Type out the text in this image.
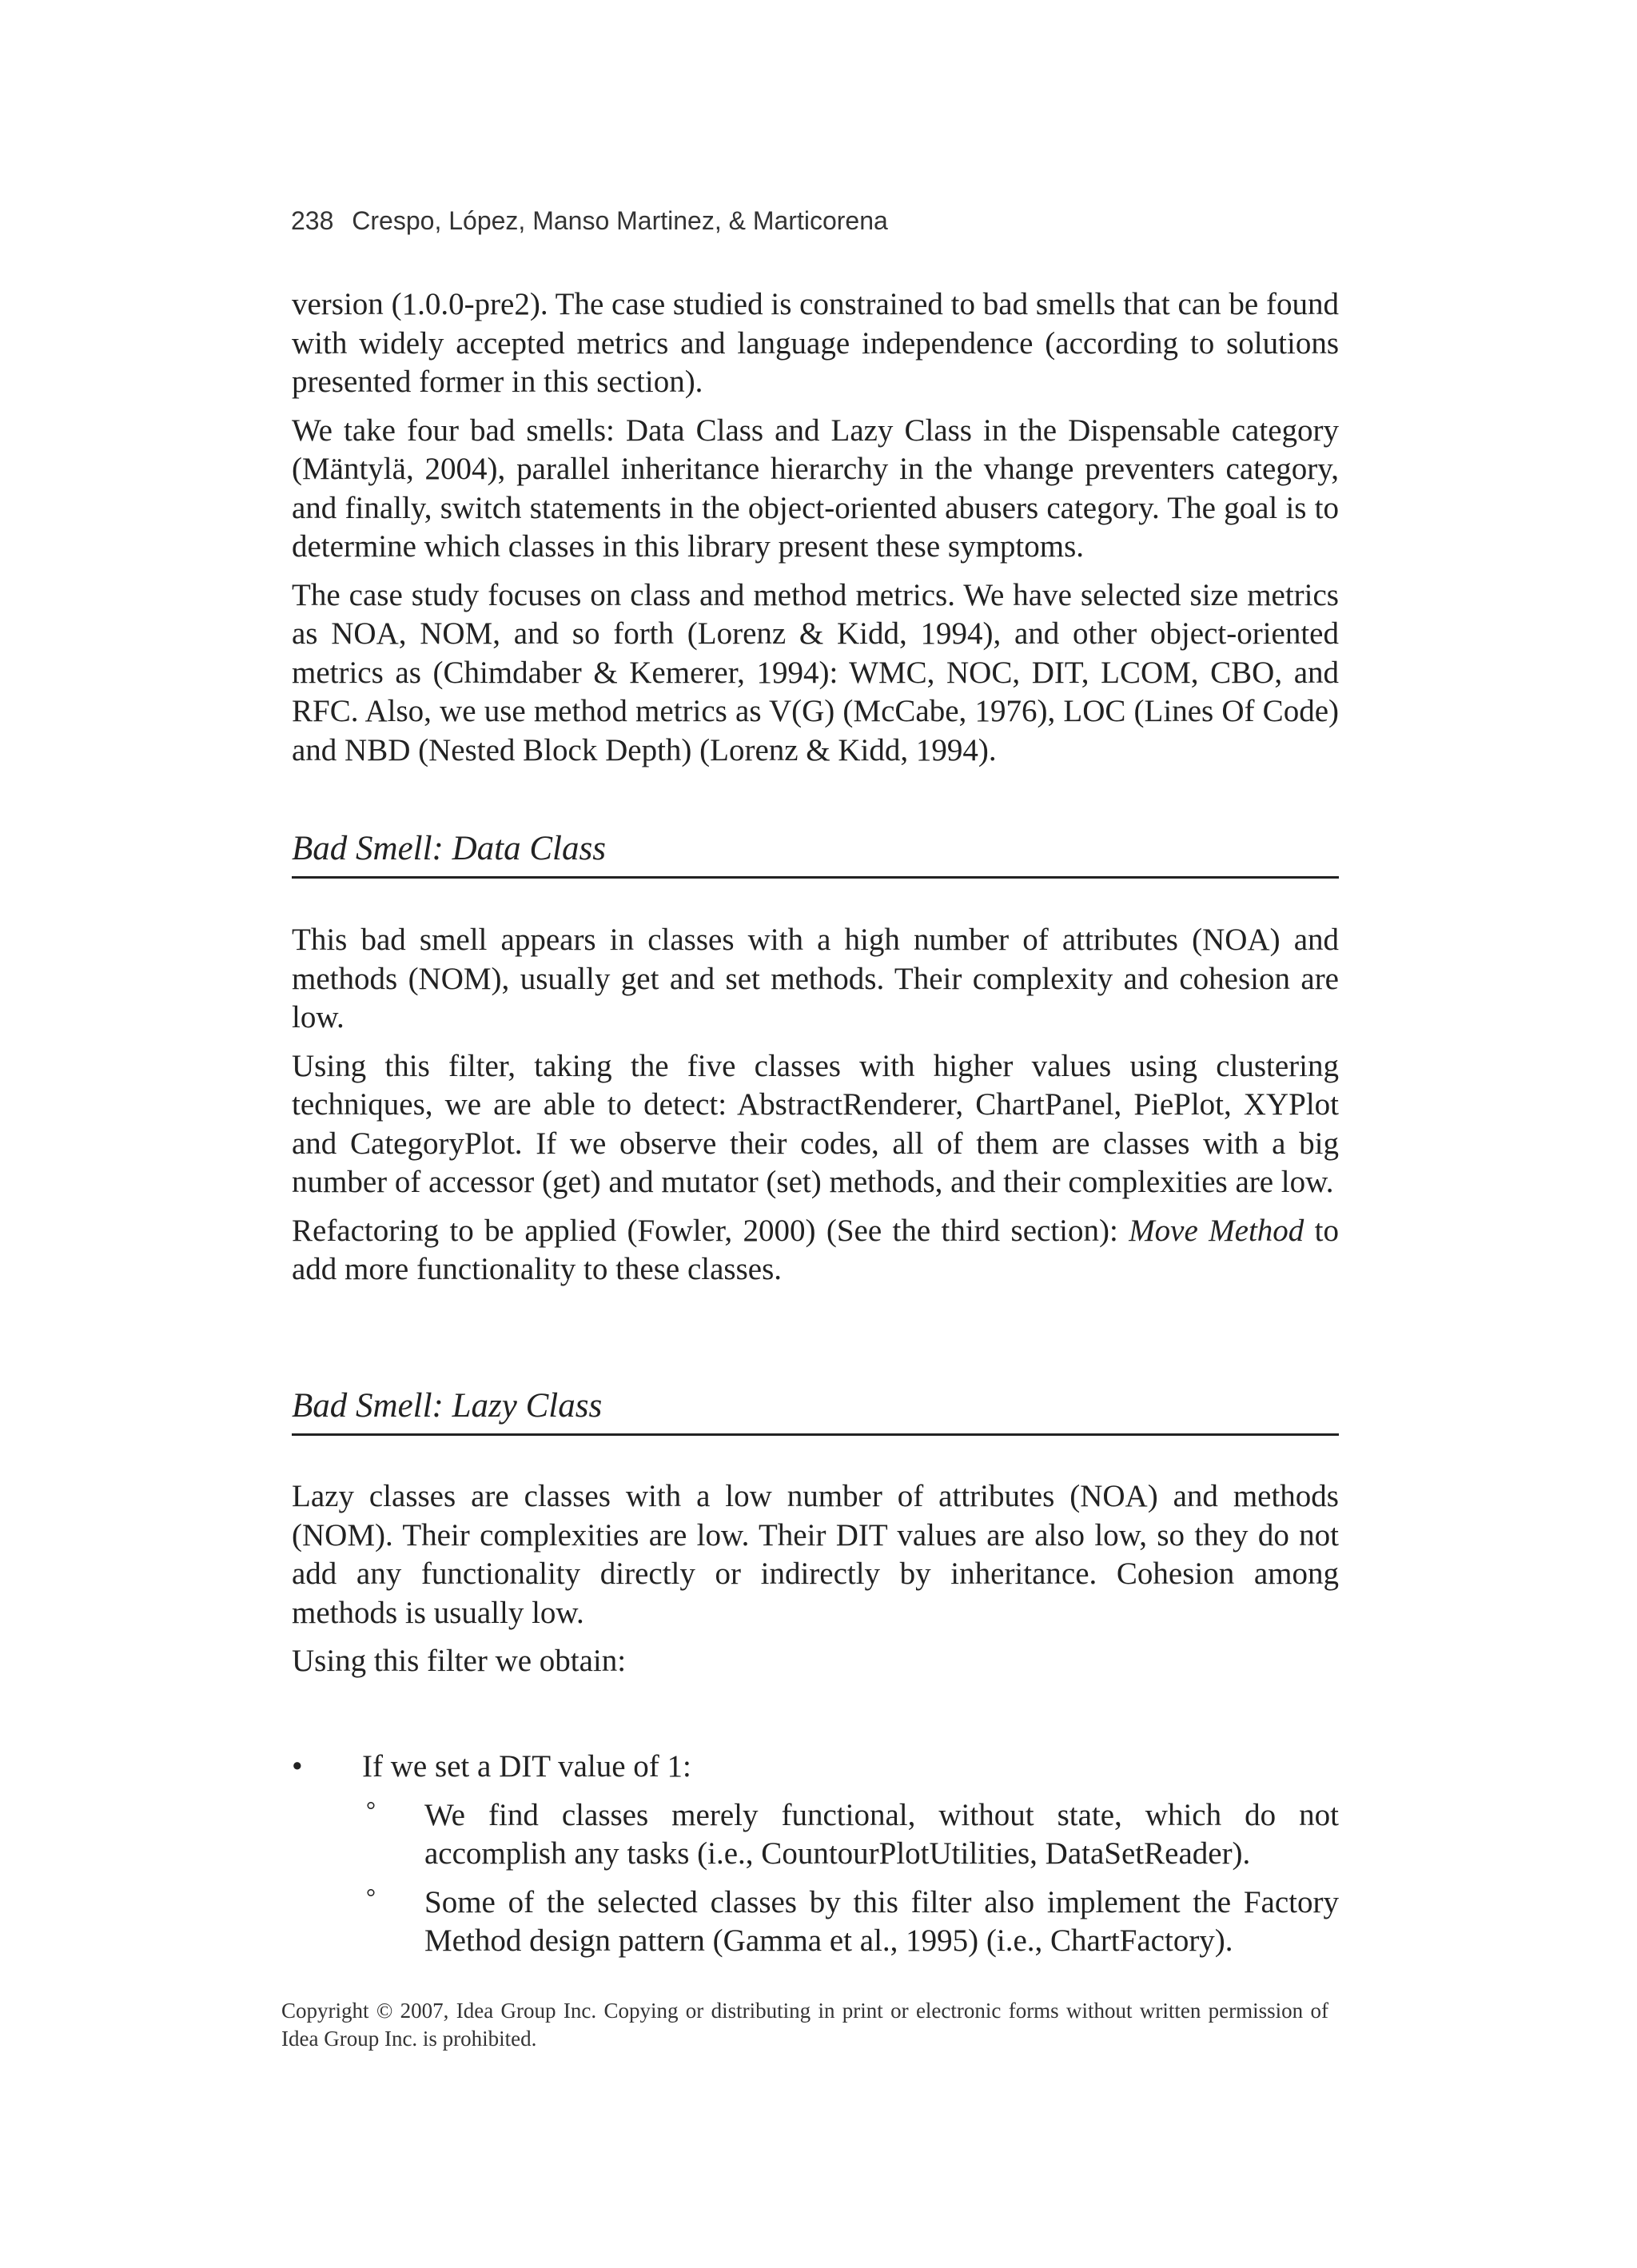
238 Crespo, López, Manso Martinez, & Marticorena

version (1.0.0-pre2). The case studied is constrained to bad smells that can be found with widely accepted metrics and language independence (according to solutions presented former in this section).

We take four bad smells: Data Class and Lazy Class in the Dispensable category (Mäntylä, 2004), parallel inheritance hierarchy in the vhange preventers category, and finally, switch statements in the object-oriented abusers category. The goal is to determine which classes in this library present these symptoms.

The case study focuses on class and method metrics. We have selected size metrics as NOA, NOM, and so forth (Lorenz & Kidd, 1994), and other object-oriented metrics as (Chimdaber & Kemerer, 1994): WMC, NOC, DIT, LCOM, CBO, and RFC. Also, we use method metrics as V(G) (McCabe, 1976), LOC (Lines Of Code) and NBD (Nested Block Depth) (Lorenz & Kidd, 1994).

Bad Smell: Data Class

This bad smell appears in classes with a high number of attributes (NOA) and methods (NOM), usually get and set methods. Their complexity and cohesion are low.

Using this filter, taking the five classes with higher values using clustering techniques, we are able to detect: AbstractRenderer, ChartPanel, PiePlot, XYPlot and CategoryPlot. If we observe their codes, all of them are classes with a big number of accessor (get) and mutator (set) methods, and their complexities are low.

Refactoring to be applied (Fowler, 2000) (See the third section): Move Method to add more functionality to these classes.

Bad Smell: Lazy Class

Lazy classes are classes with a low number of attributes (NOA) and methods (NOM). Their complexities are low. Their DIT values are also low, so they do not add any functionality directly or indirectly by inheritance. Cohesion among methods is usually low.

Using this filter we obtain:

• If we set a DIT value of 1:
° We find classes merely functional, without state, which do not accomplish any tasks (i.e., CountourPlotUtilities, DataSetReader).
° Some of the selected classes by this filter also implement the Factory Method design pattern (Gamma et al., 1995) (i.e., ChartFactory).
Copyright © 2007, Idea Group Inc. Copying or distributing in print or electronic forms without written permission of Idea Group Inc. is prohibited.
